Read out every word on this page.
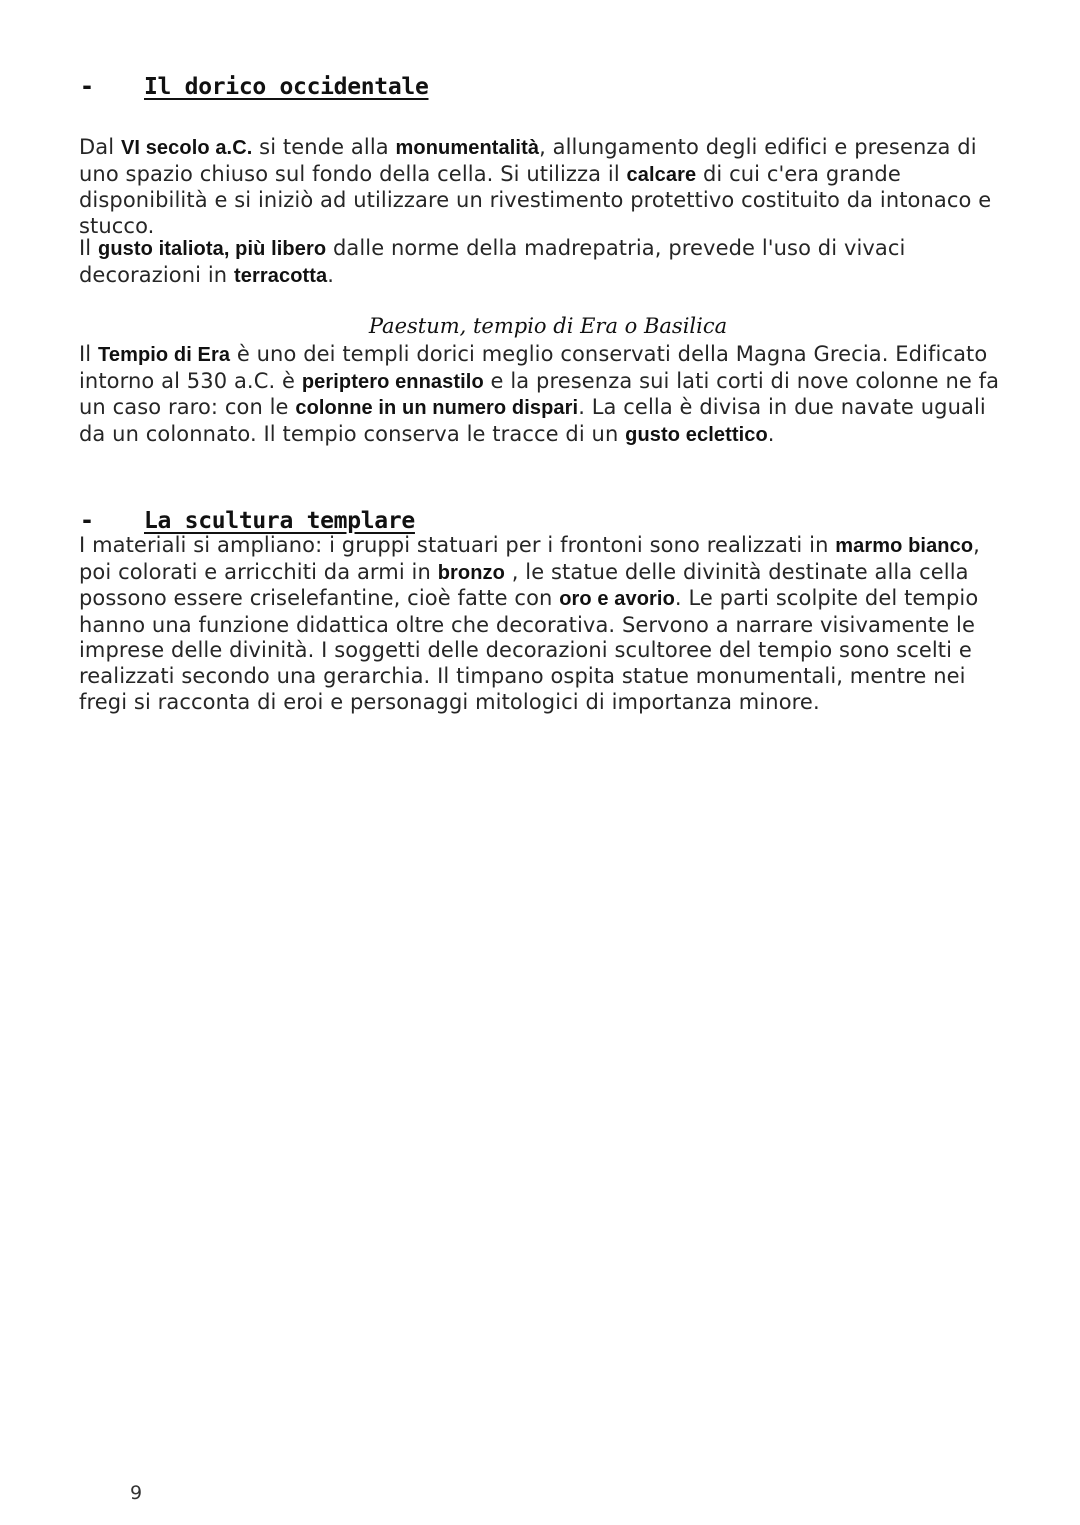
-	Il dorico occidentale
Dal VI secolo a.C. si tende alla monumentalità, allungamento degli edifici e presenza di uno spazio chiuso sul fondo della cella. Si utilizza il calcare di cui c'era grande disponibilità e si iniziò ad utilizzare un rivestimento protettivo costituito da intonaco e stucco.
Il gusto italiota, più libero dalle norme della madrepatria, prevede l'uso di vivaci decorazioni in terracotta.
Paestum, tempio di Era o Basilica
Il Tempio di Era è uno dei templi dorici meglio conservati della Magna Grecia. Edificato intorno al 530 a.C. è periptero ennastilo e la presenza sui lati corti di nove colonne ne fa un caso raro: con le colonne in un numero dispari. La cella è divisa in due navate uguali da un colonnato. Il tempio conserva le tracce di un gusto eclettico.
-	La scultura templare
I materiali si ampliano: i gruppi statuari per i frontoni sono realizzati in marmo bianco, poi colorati e arricchiti da armi in bronzo , le statue delle divinità destinate alla cella possono essere criselefantine, cioè fatte con oro e avorio. Le parti scolpite del tempio hanno una funzione didattica oltre che decorativa. Servono a narrare visivamente le imprese delle divinità. I soggetti delle decorazioni scultoree del tempio sono scelti e realizzati secondo una gerarchia. Il timpano ospita statue monumentali, mentre nei fregi si racconta di eroi e personaggi mitologici di importanza minore.
9
